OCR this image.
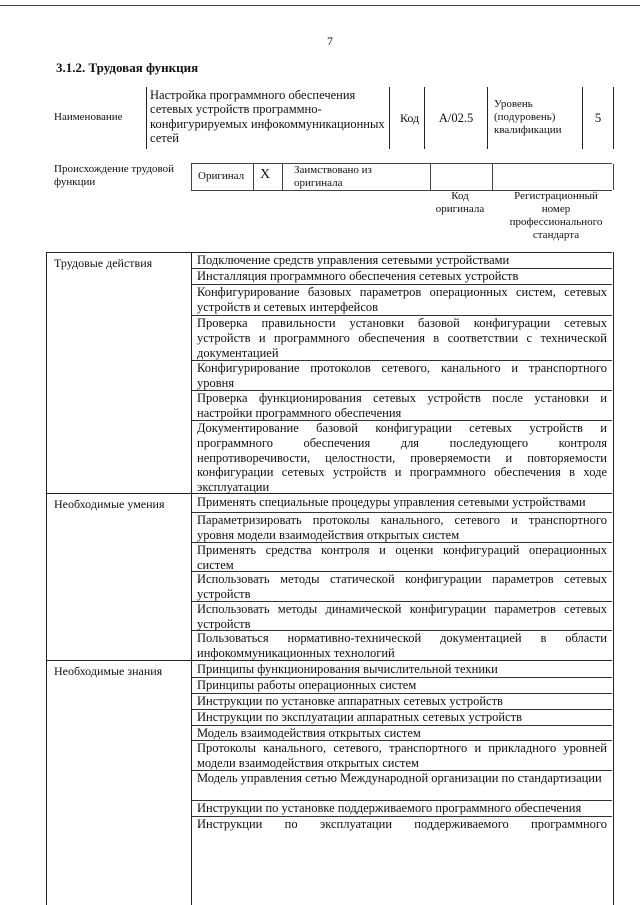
7
3.1.2. Трудовая функция
Наименование
Настройка программного обеспечения сетевых устройств программно-конфигурируемых инфокоммуникационных сетей
Код	A/02.5
Уровень
(подуровень)
квалификации
5
Происхождение трудовой
функции	Оригинал X Заимствовано из
оригинала
Код
оригинала
Регистрационный
номер
профессионального
стандарта
Трудовые действия
Необходимые умения
Необходимые знания
Подключение средств управления сетевыми устройствами
Инсталляция программного обеспечения сетевых устройств
Конфигурирование базовых параметров операционных систем, сетевых устройств и сетевых интерфейсов
Проверка правильности установки базовой конфигурации сетевых устройств и программного обеспечения в соответствии с технической документацией
Конфигурирование протоколов сетевого, канального и транспортного уровня
Проверка функционирования сетевых устройств после установки и настройки программного обеспечения
Документирование базовой конфигурации сетевых устройств и программного обеспечения для последующего контроля непротиворечивости, целостности, проверяемости и повторяемости конфигурации сетевых устройств и программного обеспечения в ходе эксплуатации
Применять специальные процедуры управления сетевыми устройствами
Параметризировать протоколы канального, сетевого и транспортного уровня модели взаимодействия открытых систем
Применять средства контроля и оценки конфигураций операционных систем
Использовать методы статической конфигурации параметров сетевых устройств
Использовать методы динамической конфигурации параметров сетевых устройств
Пользоваться нормативно-технической документацией в области инфокоммуникационных технологий
Принципы функционирования вычислительной техники
Принципы работы операционных систем
Инструкции по установке аппаратных сетевых устройств
Инструкции по эксплуатации аппаратных сетевых устройств
Модель взаимодействия открытых систем
Протоколы канального, сетевого, транспортного и прикладного уровней модели взаимодействия открытых систем
Модель управления сетью Международной организации по стандартизации
Инструкции по установке поддерживаемого программного обеспечения
Инструкции по эксплуатации поддерживаемого программного
